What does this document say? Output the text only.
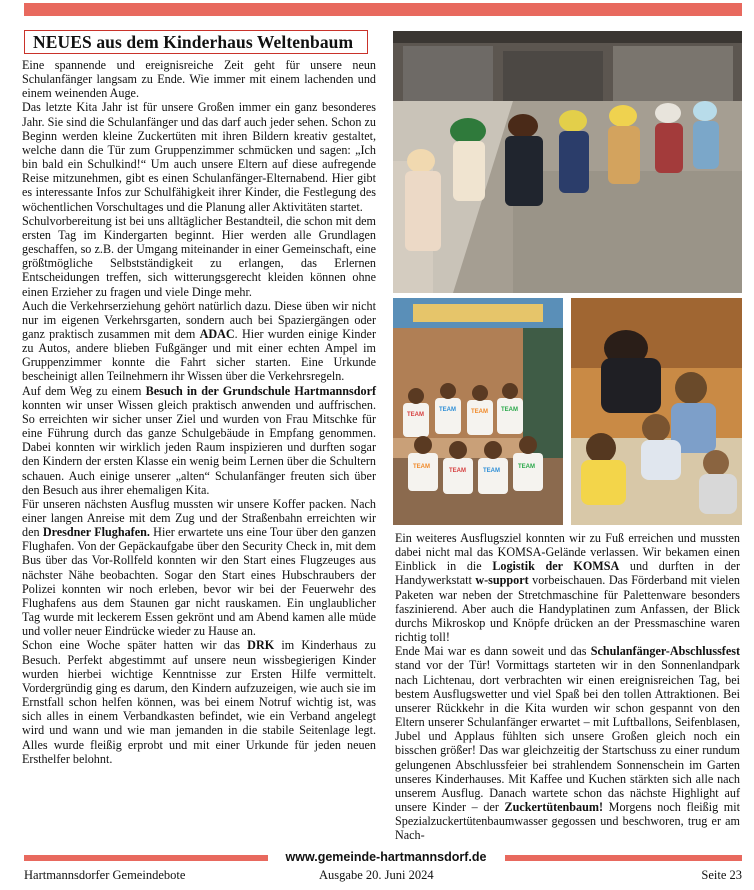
NEUES aus dem Kinderhaus Weltenbaum

Eine spannende und ereignisreiche Zeit geht für unsere neun Schulanfänger langsam zu Ende. Wie immer mit einem lachenden und einem weinenden Auge.

Das letzte Kita Jahr ist für unsere Großen immer ein ganz besonderes Jahr. Sie sind die Schulanfänger und das darf auch jeder sehen. Schon zu Beginn werden kleine Zuckertüten mit ihren Bildern kreativ gestaltet, welche dann die Tür zum Gruppenzimmer schmücken und sagen: „Ich bin bald ein Schulkind!“ Um auch unsere Eltern auf diese aufregende Reise mitzunehmen, gibt es einen Schulanfänger-Elternabend. Hier gibt es interessante Infos zur Schulfähigkeit ihrer Kinder, die Festlegung des wöchentlichen Vorschultages und die Planung aller Aktivitäten startet.

Schulvorbereitung ist bei uns alltäglicher Bestandteil, die schon mit dem ersten Tag im Kindergarten beginnt. Hier werden alle Grundlagen geschaffen, so z.B. der Umgang miteinander in einer Gemeinschaft, eine größtmögliche Selbstständigkeit zu erlangen, das Erlernen Entscheidungen treffen, sich witterungsgerecht kleiden können ohne einen Erzieher zu fragen und viele Dinge mehr.

Auch die Verkehrserziehung gehört natürlich dazu. Diese üben wir nicht nur im eigenen Verkehrsgarten, sondern auch bei Spaziergängen oder ganz praktisch zusammen mit dem ADAC. Hier wurden einige Kinder zu Autos, andere blieben Fußgänger und mit einer echten Ampel im Gruppenzimmer konnte die Fahrt sicher starten. Eine Urkunde bescheinigt allen Teilnehmern ihr Wissen über die Verkehrsregeln.

Auf dem Weg zu einem Besuch in der Grundschule Hartmannsdorf konnten wir unser Wissen gleich praktisch anwenden und auffrischen. So erreichten wir sicher unser Ziel und wurden von Frau Mitschke für eine Führung durch das ganze Schulgebäude in Empfang genommen. Dabei konnten wir wirklich jeden Raum inspizieren und durften sogar den Kindern der ersten Klasse ein wenig beim Lernen über die Schultern schauen. Auch einige unserer „alten“ Schulanfänger freuten sich über den Besuch aus ihrer ehemaligen Kita.

Für unseren nächsten Ausflug mussten wir unsere Koffer packen. Nach einer langen Anreise mit dem Zug und der Straßenbahn erreichten wir den Dresdner Flughafen. Hier erwartete uns eine Tour über den ganzen Flughafen. Von der Gepäckaufgabe über den Security Check in, mit dem Bus über das Vor-Rollfeld konnten wir den Start eines Flugzeuges aus nächster Nähe beobachten. Sogar den Start eines Hubschraubers der Polizei konnten wir noch erleben, bevor wir bei der Feuerwehr des Flughafens aus dem Staunen gar nicht rauskamen. Ein unglaublicher Tag wurde mit leckerem Essen gekrönt und am Abend kamen alle müde und voller neuer Eindrücke wieder zu Hause an.

Schon eine Woche später hatten wir das DRK im Kinderhaus zu Besuch. Perfekt abgestimmt auf unsere neun wissbegierigen Kinder wurden hierbei wichtige Kenntnisse zur Ersten Hilfe vermittelt. Vordergründig ging es darum, den Kindern aufzuzeigen, wie auch sie im Ernstfall schon helfen können, was bei einem Notruf wichtig ist, was sich alles in einem Verbandkasten befindet, wie ein Verband angelegt wird und wann und wie man jemanden in die stabile Seitenlage legt. Alles wurde fleißig erprobt und mit einer Urkunde für jeden neuen Ersthelfer belohnt.

TEAM
TEAM	TEAM TEAM
TEAM
TEAM	TEAM
TEAM

Ein weiteres Ausflugsziel konnten wir zu Fuß erreichen und mussten dabei nicht mal das KOMSA-Gelände verlassen. Wir bekamen einen Einblick in die Logistik der KOMSA und durften in der Handywerkstatt w-support vorbeischauen. Das Förderband mit vielen Paketen war neben der Stretchmaschine für Palettenware besonders faszinierend. Aber auch die Handyplatinen zum Anfassen, der Blick durchs Mikroskop und Knöpfe drücken an der Pressmaschine waren richtig toll!

Ende Mai war es dann soweit und das Schulanfänger-Abschlussfest stand vor der Tür! Vormittags starteten wir in den Sonnenlandpark nach Lichtenau, dort verbrachten wir einen ereignisreichen Tag, bei bestem Ausflugswetter und viel Spaß bei den tollen Attraktionen. Bei unserer Rückkehr in die Kita wurden wir schon gespannt von den Eltern unserer Schulanfänger erwartet – mit Luftballons, Seifenblasen, Jubel und Applaus fühlten sich unsere Großen gleich noch ein bisschen größer! Das war gleichzeitig der Startschuss zu einer rundum gelungenen Abschlussfeier bei strahlendem Sonnenschein im Garten unseres Kinderhauses. Mit Kaffee und Kuchen stärkten sich alle nach unserem Ausflug. Danach wartete schon das nächste Highlight auf unsere Kinder – der Zuckertütenbaum! Morgens noch fleißig mit Spezialzuckertütenbaumwasser gegossen und beschworen, trug er am Nach-

www.gemeinde-hartmannsdorf.de
Hartmannsdorfer Gemeindebote	Ausgabe 20. Juni 2024	Seite 23
